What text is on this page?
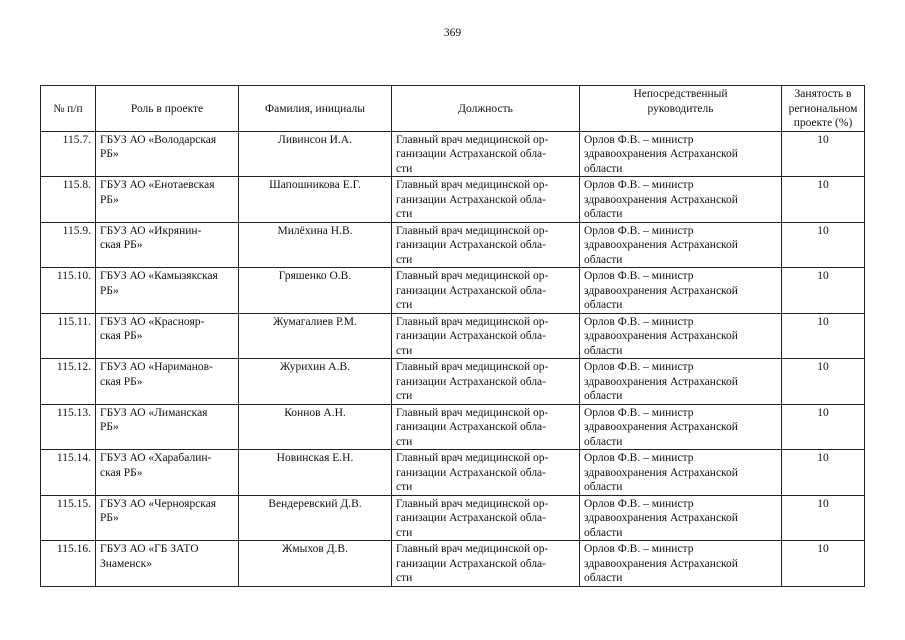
369
№ п/п	Роль в проекте	Фамилия, инициалы	Должность	Непосредственный
руководитель	Занятость в
региональном
проекте (%)

115.7.	ГБУЗ АО «Володарская
РБ»	Ливинсон И.А.	Главный врач медицинской ор-
ганизации Астраханской обла-
сти	Орлов Ф.В. – министр
здравоохранения Астраханской
области	10
115.8.	ГБУЗ АО «Енотаевская
РБ»	Шапошникова Е.Г.	Главный врач медицинской ор-
ганизации Астраханской обла-
сти	Орлов Ф.В. – министр
здравоохранения Астраханской
области	10
115.9.	ГБУЗ АО «Икрянин-
ская РБ»	Милёхина Н.В.	Главный врач медицинской ор-
ганизации Астраханской обла-
сти	Орлов Ф.В. – министр
здравоохранения Астраханской
области	10
115.10.	ГБУЗ АО «Камызякская
РБ»	Гряшенко О.В.	Главный врач медицинской ор-
ганизации Астраханской обла-
сти	Орлов Ф.В. – министр
здравоохранения Астраханской
области	10
115.11.	ГБУЗ АО «Краснояр-
ская РБ»	Жумагалиев Р.М.	Главный врач медицинской ор-
ганизации Астраханской обла-
сти	Орлов Ф.В. – министр
здравоохранения Астраханской
области	10
115.12.	ГБУЗ АО «Нариманов-
ская РБ»	Журихин А.В.	Главный врач медицинской ор-
ганизации Астраханской обла-
сти	Орлов Ф.В. – министр
здравоохранения Астраханской
области	10
115.13.	ГБУЗ АО «Лиманская
РБ»	Коннов А.Н.	Главный врач медицинской ор-
ганизации Астраханской обла-
сти	Орлов Ф.В. – министр
здравоохранения Астраханской
области	10
115.14.	ГБУЗ АО «Харабалин-
ская РБ»	Новинская Е.Н.	Главный врач медицинской ор-
ганизации Астраханской обла-
сти	Орлов Ф.В. – министр
здравоохранения Астраханской
области	10
115.15.	ГБУЗ АО «Черноярская
РБ»	Вендеревский Д.В.	Главный врач медицинской ор-
ганизации Астраханской обла-
сти	Орлов Ф.В. – министр
здравоохранения Астраханской
области	10
115.16.	ГБУЗ АО «ГБ ЗАТО
Знаменск»	Жмыхов Д.В.	Главный врач медицинской ор-
ганизации Астраханской обла-
сти	Орлов Ф.В. – министр
здравоохранения Астраханской
области	10
